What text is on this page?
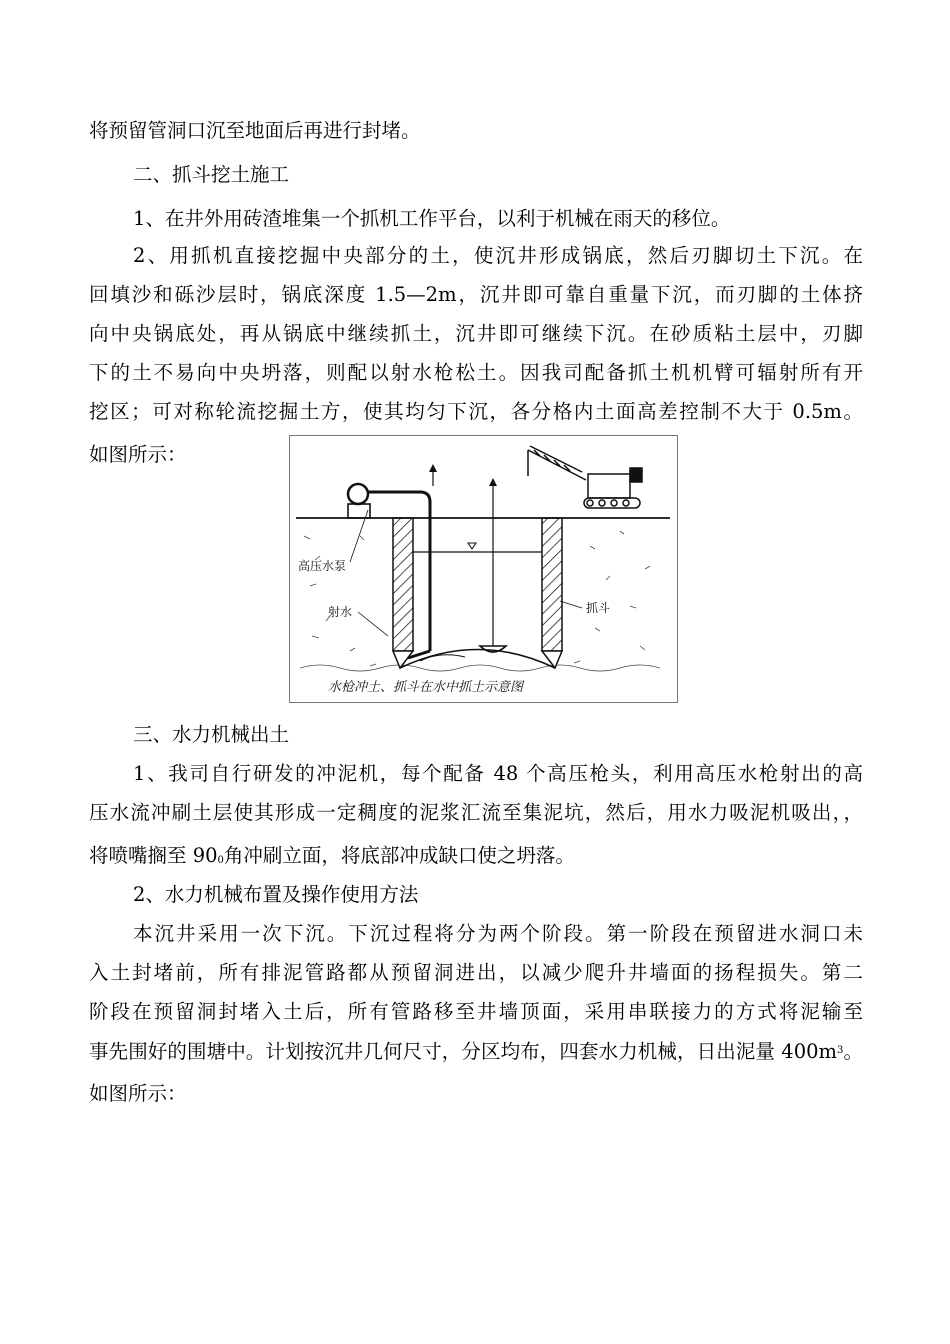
将预留管洞口沉至地面后再进行封堵。
二、抓斗挖土施工
1、在井外用砖渣堆集一个抓机工作平台，以利于机械在雨天的移位。
2、用抓机直接挖掘中央部分的土，使沉井形成锅底，然后刃脚切土下沉。在
回填沙和砾沙层时，锅底深度 1.5—2m，沉井即可靠自重量下沉，而刃脚的土体挤
向中央锅底处，再从锅底中继续抓土，沉井即可继续下沉。在砂质粘土层中，刃脚
下的土不易向中央坍落，则配以射水枪松土。因我司配备抓土机机臂可辐射所有开
挖区；可对称轮流挖掘土方，使其均匀下沉，各分格内土面高差控制不大于 0.5m。
如图所示：
高压水泵
射水	抓斗
水枪冲土、抓斗在水中抓土示意图
三、水力机械出土
1、我司自行研发的冲泥机，每个配备 48 个高压枪头，利用高压水枪射出的高
压水流冲刷土层使其形成一定稠度的泥浆汇流至集泥坑，然后，用水力吸泥机吸出，，
将喷嘴搁至 $90_0$角冲刷立面，将底部冲成缺口使之坍落。
2、水力机械布置及操作使用方法
本沉井采用一次下沉。下沉过程将分为两个阶段。第一阶段在预留进水洞口未
入土封堵前，所有排泥管路都从预留洞进出，以减少爬升井墙面的扬程损失。第二
阶段在预留洞封堵入土后，所有管路移至井墙顶面，采用串联接力的方式将泥输至
事先围好的围塘中。计划按沉井几何尺寸，分区均布，四套水力机械，日出泥量 $400m^3$。
如图所示：
